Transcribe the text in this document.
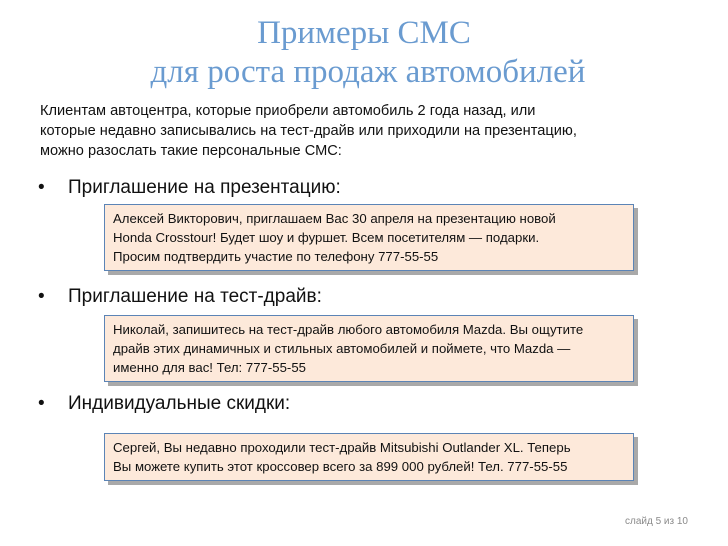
Примеры СМС
для роста продаж автомобилей
Клиентам автоцентра, которые приобрели автомобиль 2 года назад, или
которые недавно записывались на тест-драйв или приходили на презентацию,
можно разослать такие персональные СМС:
• Приглашение на презентацию:
Алексей Викторович, приглашаем Вас 30 апреля на презентацию новой
Honda Crosstour! Будет шоу и фуршет. Всем посетителям — подарки.
Просим подтвердить участие по телефону 777-55-55
• Приглашение на тест-драйв:
Николай, запишитесь на тест-драйв любого автомобиля Mazda. Вы ощутите
драйв этих динамичных и стильных автомобилей и поймете, что Mazda —
именно для вас! Тел: 777-55-55
• Индивидуальные скидки:
Сергей, Вы недавно проходили тест-драйв Mitsubishi Outlander XL. Теперь
Вы можете купить этот кроссовер всего за 899 000 рублей! Тел. 777-55-55
слайд 5 из 10
